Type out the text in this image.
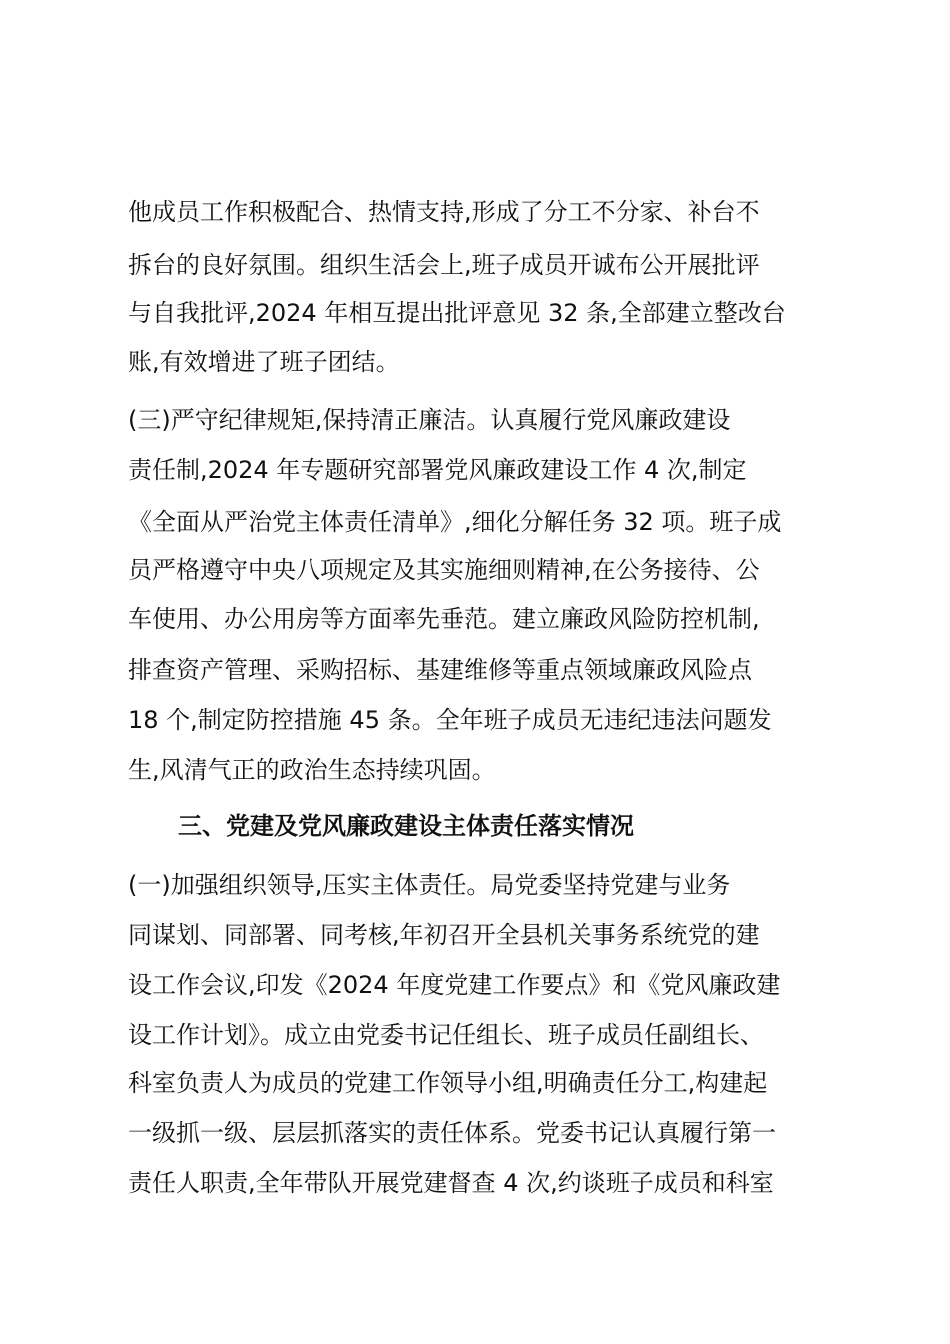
他成员工作积极配合、热情支持,形成了分工不分家、补台不
拆台的良好氛围。组织生活会上,班子成员开诚布公开展批评
与自我批评,2024 年相互提出批评意见 32 条,全部建立整改台
账,有效增进了班子团结。
(三)严守纪律规矩,保持清正廉洁。认真履行党风廉政建设
责任制,2024 年专题研究部署党风廉政建设工作 4 次,制定
《全面从严治党主体责任清单》,细化分解任务 32 项。班子成
员严格遵守中央八项规定及其实施细则精神,在公务接待、公
车使用、办公用房等方面率先垂范。建立廉政风险防控机制,
排查资产管理、采购招标、基建维修等重点领域廉政风险点
18 个,制定防控措施 45 条。全年班子成员无违纪违法问题发
生,风清气正的政治生态持续巩固。
三、党建及党风廉政建设主体责任落实情况
(一)加强组织领导,压实主体责任。局党委坚持党建与业务
同谋划、同部署、同考核,年初召开全县机关事务系统党的建
设工作会议,印发《2024 年度党建工作要点》和《党风廉政建
设工作计划》。成立由党委书记任组长、班子成员任副组长、
科室负责人为成员的党建工作领导小组,明确责任分工,构建起
一级抓一级、层层抓落实的责任体系。党委书记认真履行第一
责任人职责,全年带队开展党建督查 4 次,约谈班子成员和科室
